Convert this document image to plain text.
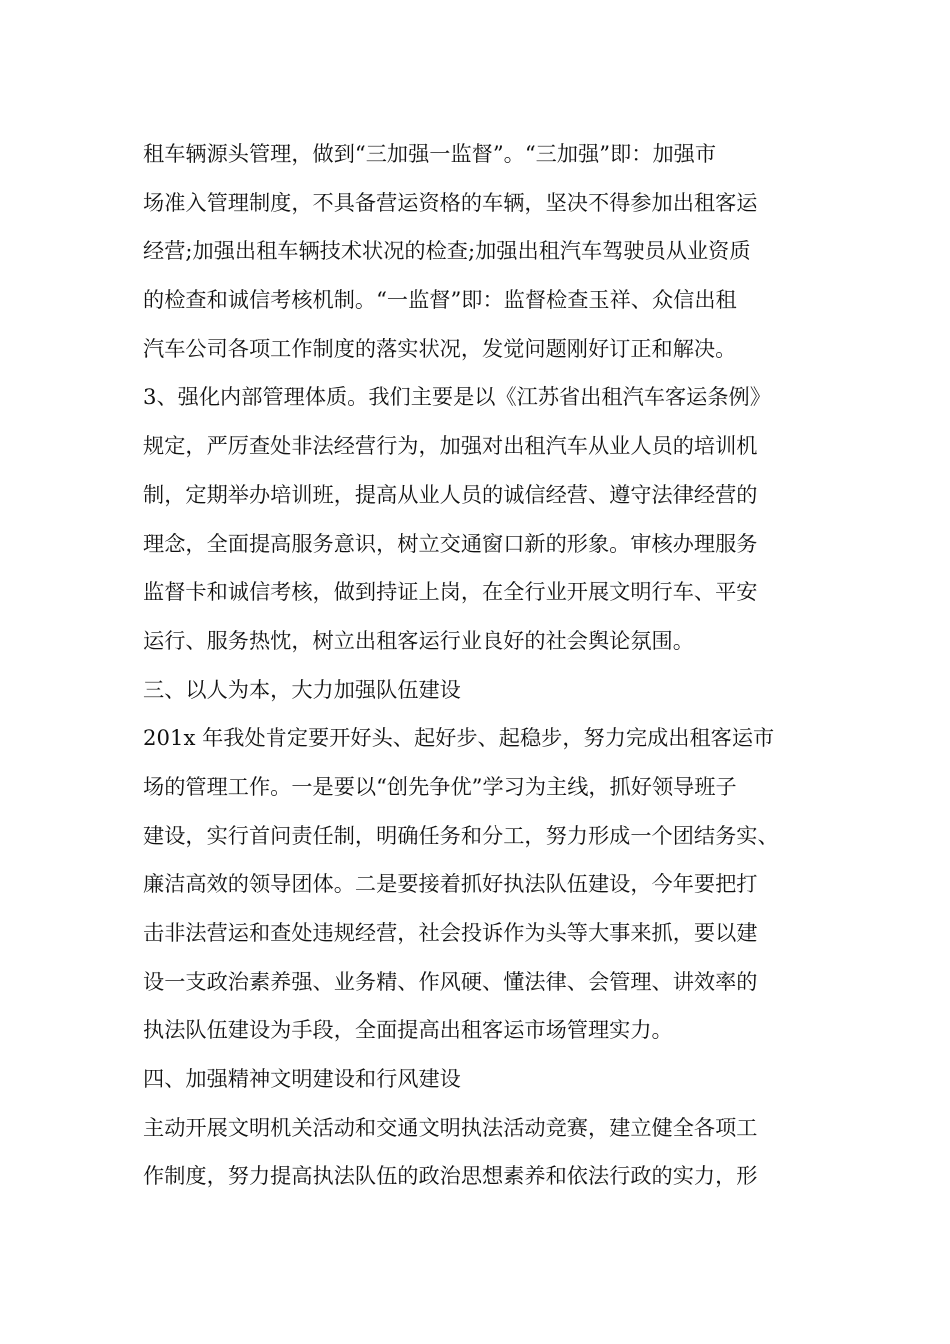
租车辆源头管理，做到“三加强一监督”。“三加强”即：加强市
场准入管理制度，不具备营运资格的车辆，坚决不得参加出租客运
经营;加强出租车辆技术状况的检查;加强出租汽车驾驶员从业资质
的检查和诚信考核机制。“一监督”即：监督检查玉祥、众信出租
汽车公司各项工作制度的落实状况，发觉问题刚好订正和解决。
3、强化内部管理体质。我们主要是以《江苏省出租汽车客运条例》
规定，严厉查处非法经营行为，加强对出租汽车从业人员的培训机
制，定期举办培训班，提高从业人员的诚信经营、遵守法律经营的
理念，全面提高服务意识，树立交通窗口新的形象。审核办理服务
监督卡和诚信考核，做到持证上岗，在全行业开展文明行车、平安
运行、服务热忱，树立出租客运行业良好的社会舆论氛围。
三、以人为本，大力加强队伍建设
201x 年我处肯定要开好头、起好步、起稳步，努力完成出租客运市
场的管理工作。一是要以“创先争优”学习为主线，抓好领导班子
建设，实行首问责任制，明确任务和分工，努力形成一个团结务实、
廉洁高效的领导团体。二是要接着抓好执法队伍建设，今年要把打
击非法营运和查处违规经营，社会投诉作为头等大事来抓，要以建
设一支政治素养强、业务精、作风硬、懂法律、会管理、讲效率的
执法队伍建设为手段，全面提高出租客运市场管理实力。
四、加强精神文明建设和行风建设
主动开展文明机关活动和交通文明执法活动竞赛，建立健全各项工
作制度，努力提高执法队伍的政治思想素养和依法行政的实力，形
